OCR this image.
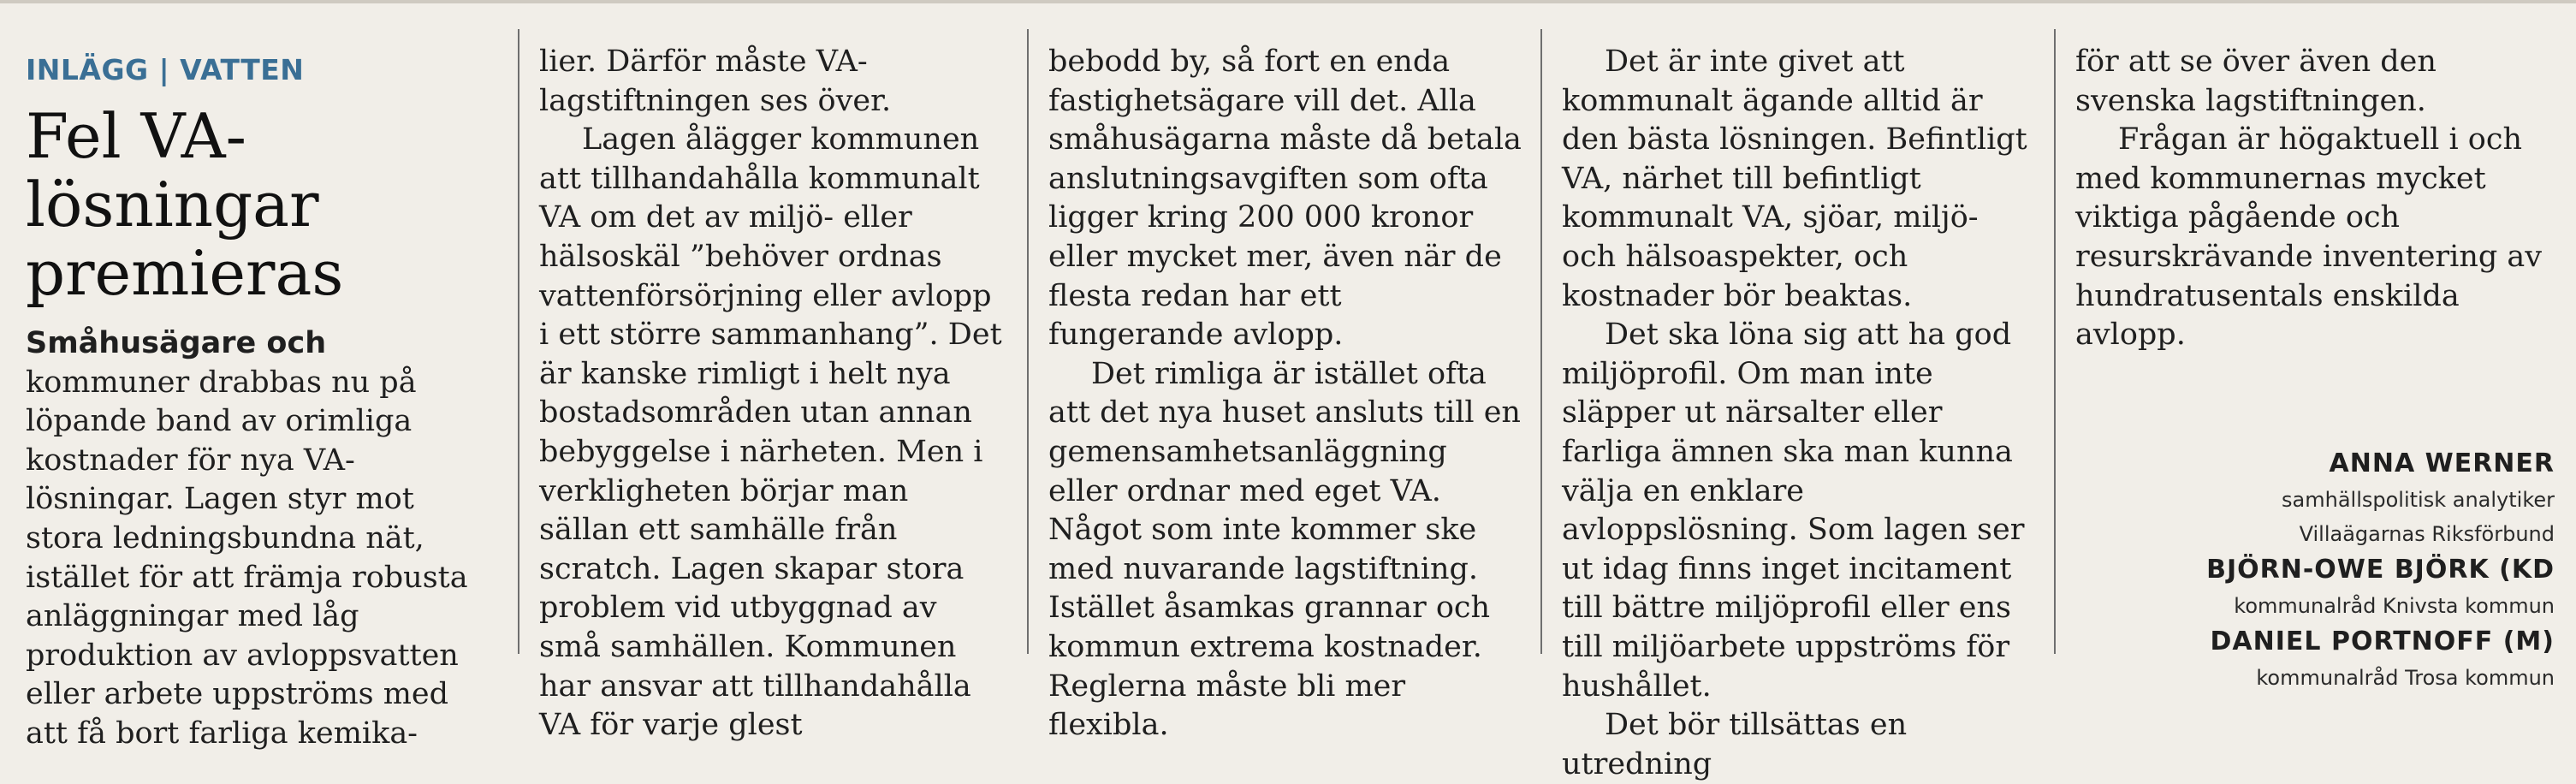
INLÄGG | VATTEN
Fel VA-lösningar premieras

Småhusägare och kommuner drabbas nu på löpande band av orimliga kostnader för nya VA-lösningar. Lagen styr mot stora ledningsbundna nät, istället för att främja robusta anläggningar med låg produktion av avloppsvatten eller arbete uppströms med att få bort farliga kemika-

lier. Därför måste VA-lagstiftningen ses över.

Lagen ålägger kommunen att tillhandahålla kommunalt VA om det av miljö- eller hälsoskäl ”behöver ordnas vattenförsörjning eller avlopp i ett större sammanhang”. Det är kanske rimligt i helt nya bostadsområden utan annan bebyggelse i närheten. Men i verkligheten börjar man sällan ett samhälle från scratch. Lagen skapar stora problem vid utbyggnad av små samhällen. Kommunen har ansvar att tillhandahålla VA för varje glest

bebodd by, så fort en enda fastighetsägare vill det. Alla småhusägarna måste då betala anslutningsavgiften som ofta ligger kring 200 000 kronor eller mycket mer, även när de flesta redan har ett fungerande avlopp.

Det rimliga är istället ofta att det nya huset ansluts till en gemensamhetsanläggning eller ordnar med eget VA. Något som inte kommer ske med nuvarande lagstiftning. Istället åsamkas grannar och kommun extrema kostnader. Reglerna måste bli mer flexibla.

Det är inte givet att kommunalt ägande alltid är den bästa lösningen. Befintligt VA, närhet till befintligt kommunalt VA, sjöar, miljö- och hälsoaspekter, och kostnader bör beaktas.

Det ska löna sig att ha god miljöprofil. Om man inte släpper ut närsalter eller farliga ämnen ska man kunna välja en enklare avloppslösning. Som lagen ser ut idag finns inget incitament till bättre miljöprofil eller ens till miljöarbete uppströms för hushållet.

Det bör tillsättas en utredning

för att se över även den svenska lagstiftningen.

Frågan är högaktuell i och med kommunernas mycket viktiga pågående och resurskrävande inventering av hundratusentals enskilda avlopp.

ANNA WERNER
samhällspolitisk analytiker
Villaägarnas Riksförbund
BJÖRN-OWE BJÖRK (KD
kommunalråd Knivsta kommun
DANIEL PORTNOFF (M)
kommunalråd Trosa kommun
